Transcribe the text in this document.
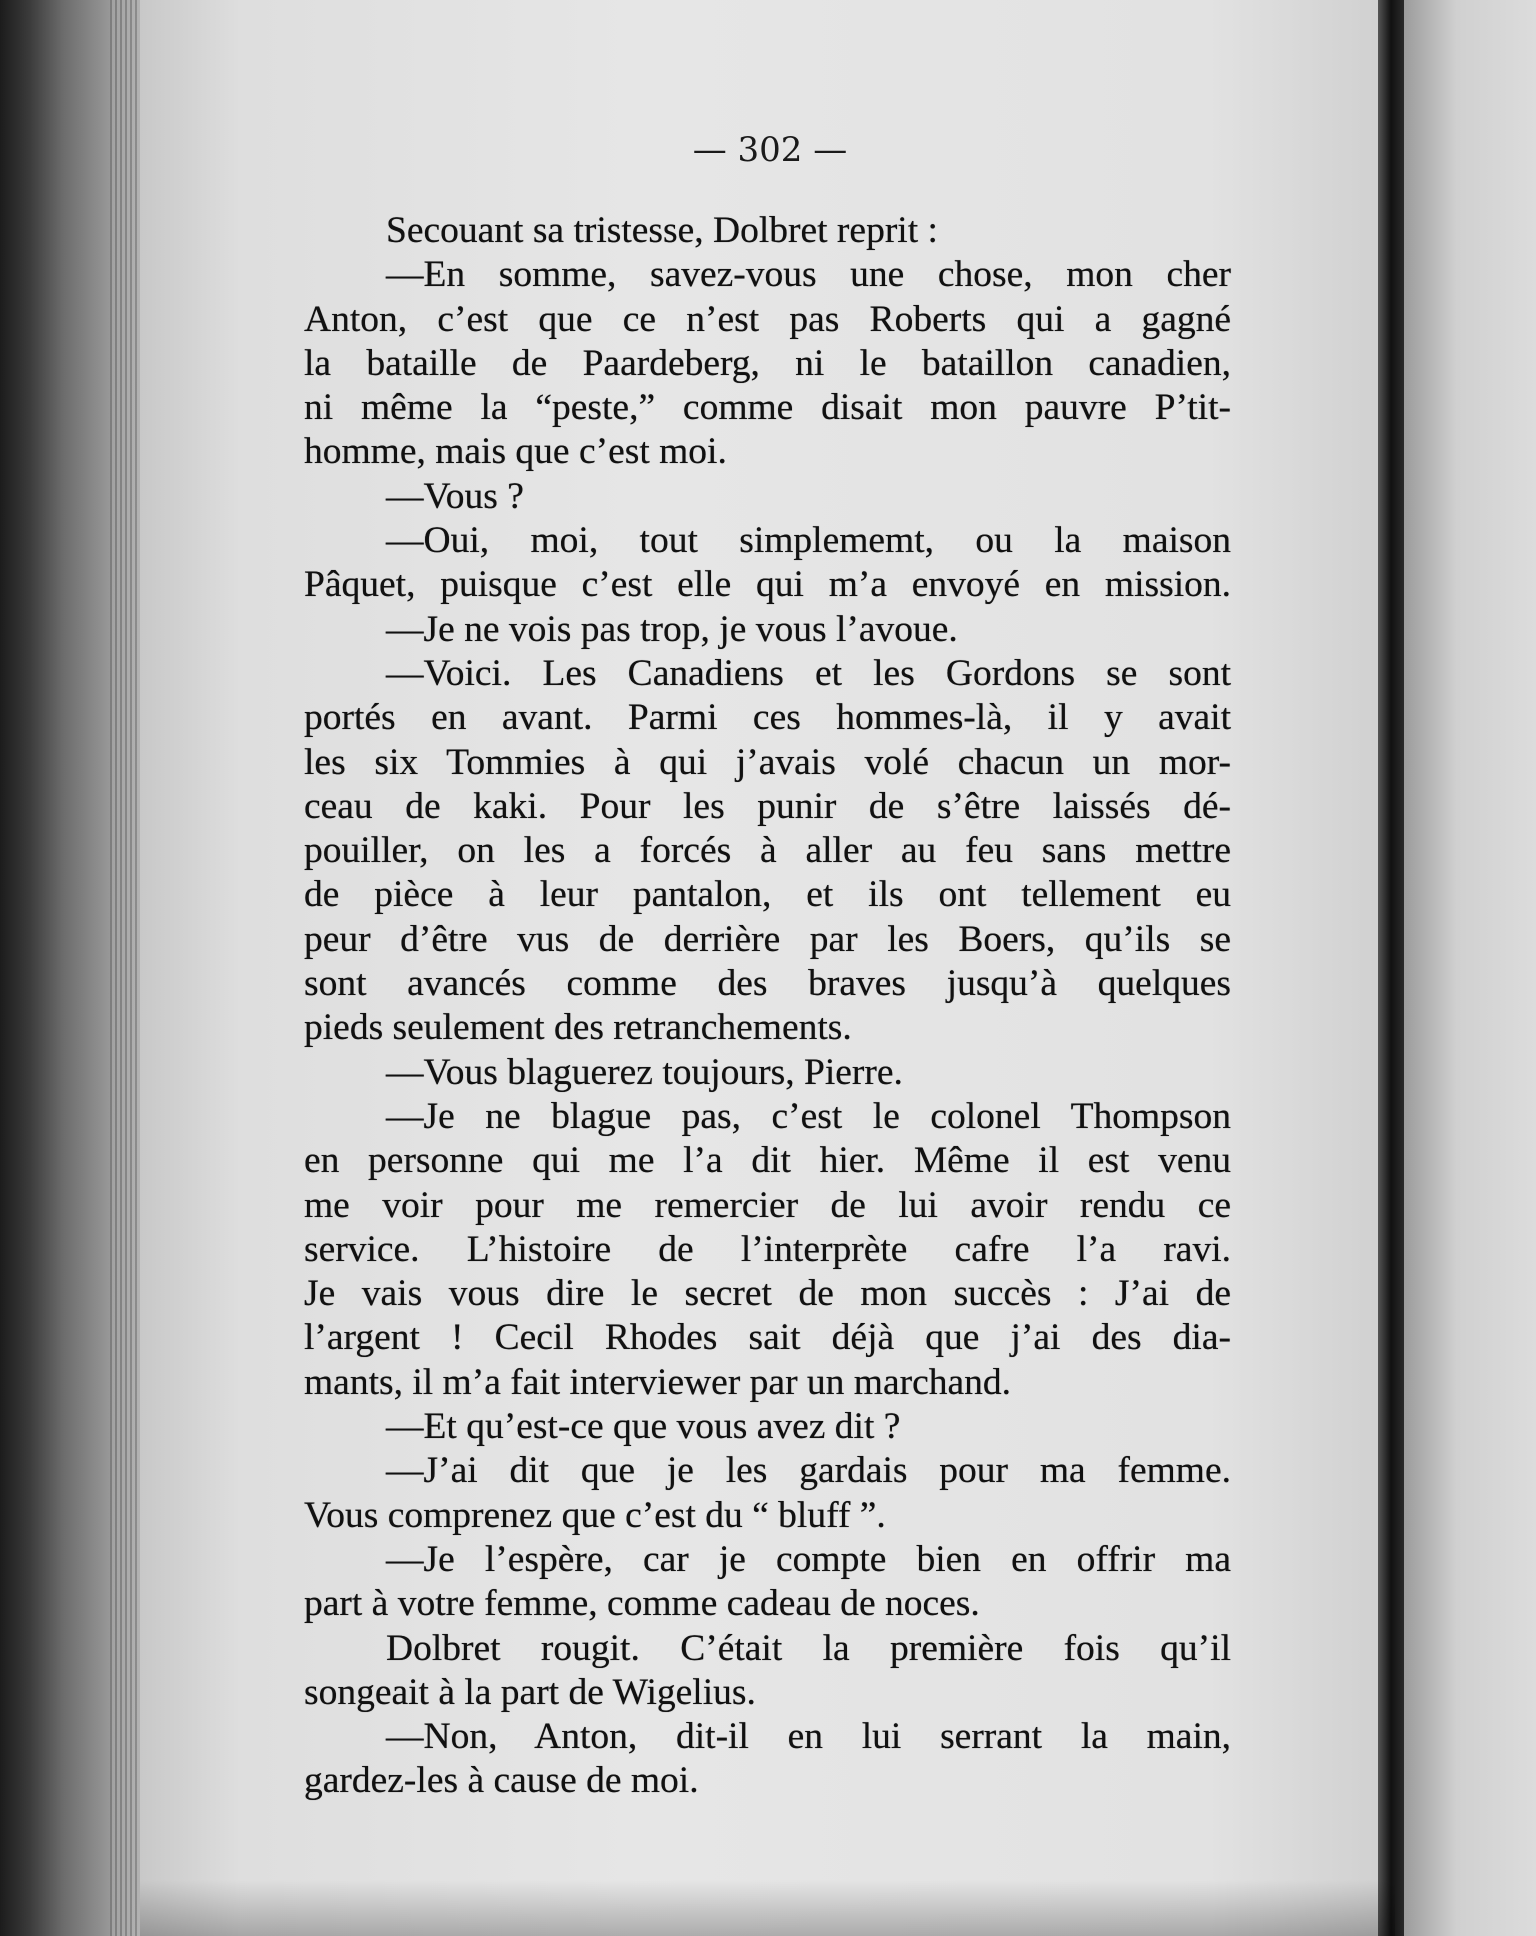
— 302 —
Secouant sa tristesse, Dolbret reprit :
—En somme, savez-vous une chose, mon cher
Anton, c’est que ce n’est pas Roberts qui a gagné
la bataille de Paardeberg, ni le bataillon canadien,
ni même la “peste,” comme disait mon pauvre P’tit-
homme, mais que c’est moi.
—Vous ?
—Oui, moi, tout simplememt, ou la maison
Pâquet, puisque c’est elle qui m’a envoyé en mission.
—Je ne vois pas trop, je vous l’avoue.
—Voici. Les Canadiens et les Gordons se sont
portés en avant. Parmi ces hommes-là, il y avait
les six Tommies à qui j’avais volé chacun un mor-
ceau de kaki. Pour les punir de s’être laissés dé-
pouiller, on les a forcés à aller au feu sans mettre
de pièce à leur pantalon, et ils ont tellement eu
peur d’être vus de derrière par les Boers, qu’ils se
sont avancés comme des braves jusqu’à quelques
pieds seulement des retranchements.
—Vous blaguerez toujours, Pierre.
—Je ne blague pas, c’est le colonel Thompson
en personne qui me l’a dit hier. Même il est venu
me voir pour me remercier de lui avoir rendu ce
service. L’histoire de l’interprète cafre l’a ravi.
Je vais vous dire le secret de mon succès : J’ai de
l’argent ! Cecil Rhodes sait déjà que j’ai des dia-
mants, il m’a fait interviewer par un marchand.
—Et qu’est-ce que vous avez dit ?
—J’ai dit que je les gardais pour ma femme.
Vous comprenez que c’est du “ bluff ”.
—Je l’espère, car je compte bien en offrir ma
part à votre femme, comme cadeau de noces.
Dolbret rougit. C’était la première fois qu’il
songeait à la part de Wigelius.
—Non, Anton, dit-il en lui serrant la main,
gardez-les à cause de moi.
